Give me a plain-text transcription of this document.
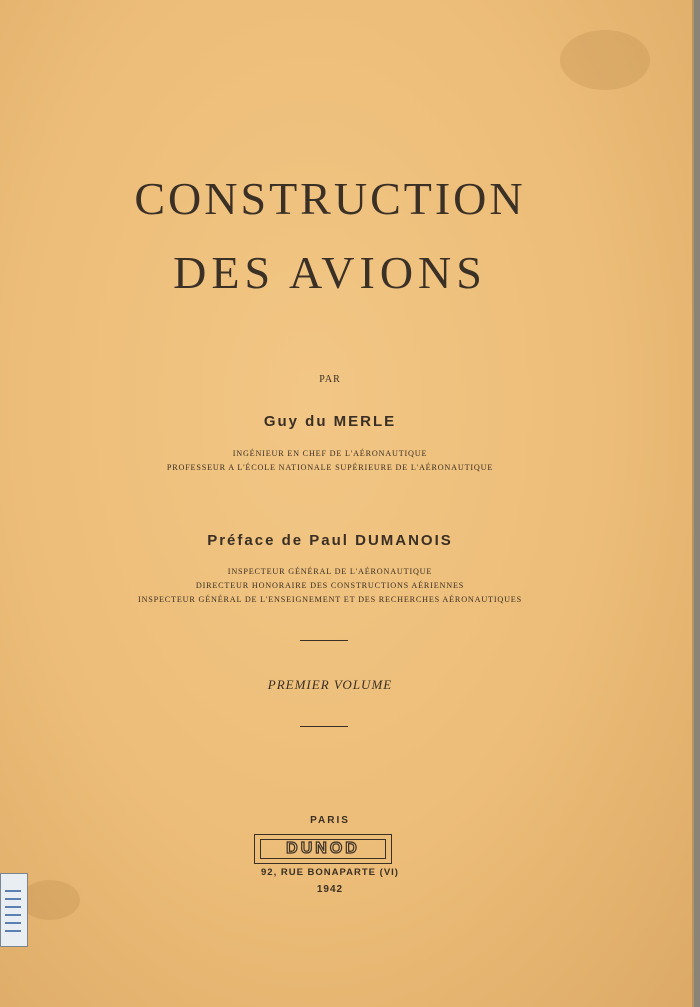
CONSTRUCTION
DES AVIONS
PAR
Guy du MERLE
INGÉNIEUR EN CHEF DE L'AÉRONAUTIQUE
PROFESSEUR A L'ÉCOLE NATIONALE SUPÉRIEURE DE L'AÉRONAUTIQUE
Préface de Paul DUMANOIS
INSPECTEUR GÉNÉRAL DE L'AÉRONAUTIQUE
DIRECTEUR HONORAIRE DES CONSTRUCTIONS AÉRIENNES
INSPECTEUR GÉNÉRAL DE L'ENSEIGNEMENT ET DES RECHERCHES AÉRONAUTIQUES
PREMIER VOLUME
PARIS
DUNOD
92, RUE BONAPARTE (VI)
1942
